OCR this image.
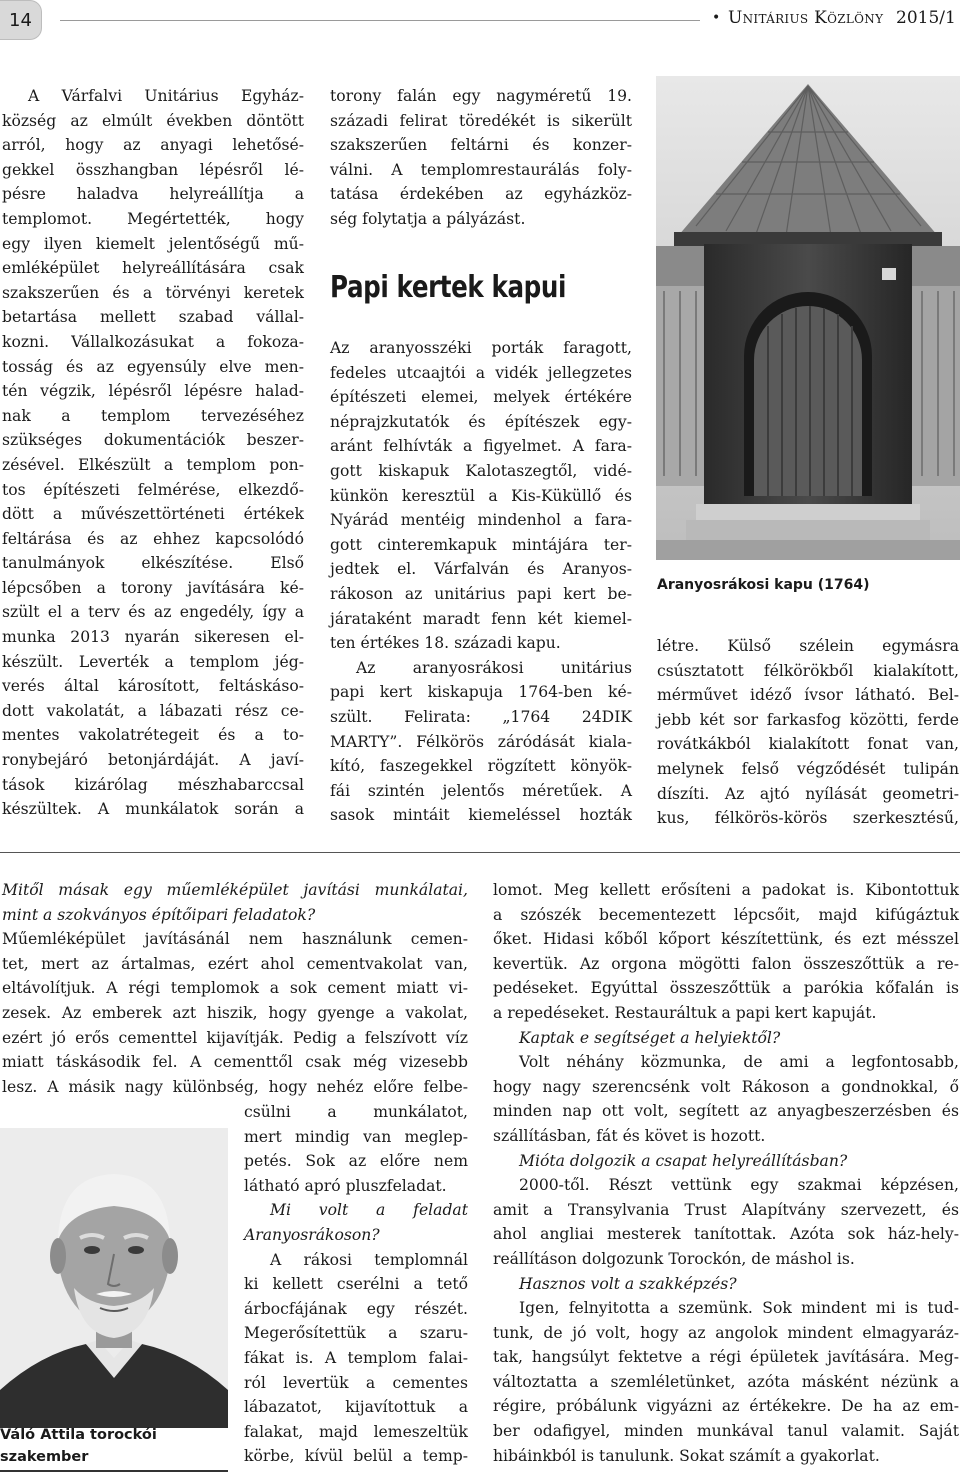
14	• Unitárius Közlöny 2015/1

A Várfalvi Unitárius Egyház-

község az elmúlt években döntött

arról, hogy az anyagi lehetősé-

gekkel összhangban lépésről lé-

pésre haladva helyreállítja a

templomot. Megértették, hogy

egy ilyen kiemelt jelentőségű mű-

emléképület helyreállítására csak

szakszerűen és a törvényi keretek

betartása mellett szabad vállal-

kozni. Vállalkozásukat a fokoza-

tosság és az egyensúly elve men-

tén végzik, lépésről lépésre halad-

nak a templom tervezéséhez

szükséges dokumentációk beszer-

zésével. Elkészült a templom pon-

tos építészeti felmérése, elkezdő-

dött a művészettörténeti értékek

feltárása és az ehhez kapcsolódó

tanulmányok elkészítése. Első

lépcsőben a torony javítására ké-

szült el a terv és az engedély, így a

munka 2013 nyarán sikeresen el-

készült. Leverték a templom jég-

verés által károsított, feltáskáso-

dott vakolatát, a lábazati rész ce-

mentes vakolatrétegeit és a to-

ronybejáró betonjárdáját. A javí-

tások kizárólag mészhabarccsal

készültek. A munkálatok során a

torony falán egy nagyméretű 19.

századi felirat töredékét is sikerült

szakszerűen feltárni és konzer-

válni. A templomrestaurálás foly-

tatása érdekében az egyházköz-

ség folytatja a pályázást.

Papi kertek kapui

Az aranyosszéki porták faragott,

fedeles utcaajtói a vidék jellegzetes

építészeti elemei, melyek értékére

néprajzkutatók és építészek egy-

aránt felhívták a figyelmet. A fara-

gott kiskapuk Kalotaszegtől, vidé-

künkön keresztül a Kis-Küküllő és

Nyárád mentéig mindenhol a fara-

gott cinteremkapuk mintájára ter-

jedtek el. Várfalván és Aranyos-

rákoson az unitárius papi kert be-

járataként maradt fenn két kiemel-

ten értékes 18. századi kapu.

Az aranyosrákosi unitárius

papi kert kiskapuja 1764-ben ké-

szült. Felirata: „1764 24DIK

MARTY”. Félkörös záródását kiala-

kító, faszegekkel rögzített könyök-

fái szintén jelentős méretűek. A

sasok mintáit kiemeléssel hozták

Aranyosrákosi kapu (1764)

létre. Külső szélein egymásra

csúsztatott félkörökből kialakított,

mérművet idéző ívsor látható. Bel-

jebb két sor farkasfog közötti, ferde

rovátkákból kialakított fonat van,

melynek felső végződését tulipán

díszíti. Az ajtó nyílását geometri-

kus, félkörös-körös szerkesztésű,

Mitől másak egy műemléképület javítási munkálatai,

mint a szokványos építőipari feladatok?

Műemléképület javításánál nem használunk cemen-

tet, mert az ártalmas, ezért ahol cementvakolat van,

eltávolítjuk. A régi templomok a sok cement miatt vi-

zesek. Az emberek azt hiszik, hogy gyenge a vakolat,

ezért jó erős cementtel kijavítják. Pedig a felszívott víz

miatt táskásodik fel. A cementtől csak még vizesebb

lesz. A másik nagy különbség, hogy nehéz előre felbe-

csülni a munkálatot,

mert mindig van meglep-

petés. Sok az előre nem

látható apró pluszfeladat.

Mi volt a feladat

Aranyosrákoson?

A rákosi templomnál

ki kellett cserélni a tető

árbocfájának egy részét.

Megerősítettük a szaru-

fákat is. A templom falai-

ról levertük a cementes

lábazatot, kijavítottuk a

falakat, majd lemeszeltük

körbe, kívül belül a temp-

Váló Attila torockói
szakember

lomot. Meg kellett erősíteni a padokat is. Kibontottuk

a szószék becementezett lépcsőit, majd kifúgáztuk

őket. Hidasi kőből kőport készítettünk, és ezt mésszel

kevertük. Az orgona mögötti falon összeszőttük a re-

pedéseket. Egyúttal összeszőttük a parókia kőfalán is

a repedéseket. Restauráltuk a papi kert kapuját.

Kaptak e segítséget a helyiektől?

Volt néhány közmunka, de ami a legfontosabb,

hogy nagy szerencsénk volt Rákoson a gondnokkal, ő

minden nap ott volt, segített az anyagbeszerzésben és

szállításban, fát és követ is hozott.

Mióta dolgozik a csapat helyreállításban?

2000-től. Részt vettünk egy szakmai képzésen,

amit a Transylvania Trust Alapítvány szervezett, és

ahol angliai mesterek tanítottak. Azóta sok ház-hely-

reállításon dolgozunk Torockón, de máshol is.

Hasznos volt a szakképzés?

Igen, felnyitotta a szemünk. Sok mindent mi is tud-

tunk, de jó volt, hogy az angolok mindent elmagyaráz-

tak, hangsúlyt fektetve a régi épületek javítására. Meg-

változtatta a szemléletünket, azóta másként nézünk a

régire, próbálunk vigyázni az értékekre. De ha az em-

ber odafigyel, minden munkával tanul valamit. Saját

hibáinkból is tanulunk. Sokat számít a gyakorlat.
